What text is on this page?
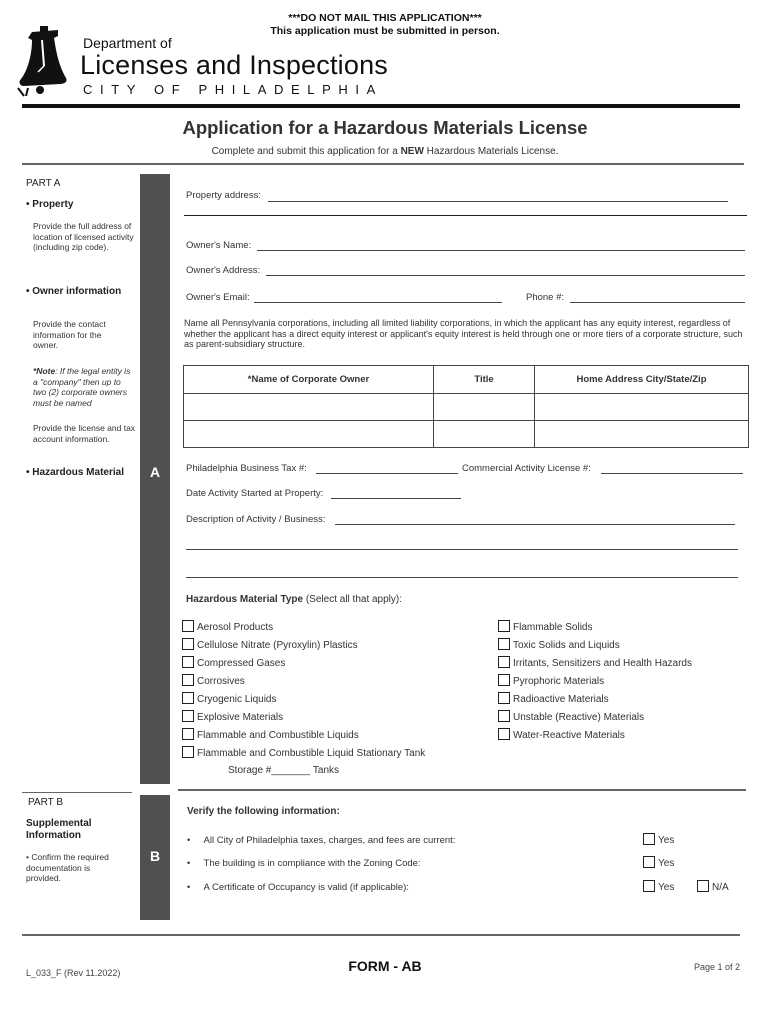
***DO NOT MAIL THIS APPLICATION***
This application must be submitted in person.
Department of
Licenses and Inspections
CITY OF PHILADELPHIA
Application for a Hazardous Materials License
Complete and submit this application for a NEW Hazardous Materials License.
PART A
• Property
Provide the full address of location of licensed activity (including zip code).
• Owner information
Provide the contact information for the owner.
*Note: If the legal entity is a "company" then up to two (2) corporate owners must be named
Provide the license and tax account information.
• Hazardous Material A
Property address:
Owner's Name:
Owner's Address:
Owner's Email:	Phone #:
Name all Pennsylvania corporations, including all limited liability corporations, in which the applicant has any equity interest, regardless of whether the applicant has a direct equity interest or applicant's equity interest is held through one or more tiers of a corporate structure, such as parent-subsidiary structure.
*Name of Corporate Owner	Title	Home Address City/State/Zip

Philadelphia Business Tax #:	Commercial Activity License #:
Date Activity Started at Property:
Description of Activity / Business:
Hazardous Material Type (Select all that apply):
Aerosol Products
Cellulose Nitrate (Pyroxylin) Plastics
Compressed Gases
Corrosives
Cryogenic Liquids
Explosive Materials
Flammable and Combustible Liquids
Flammable and Combustible Liquid Stationary Tank
Storage #_______ Tanks
Flammable Solids
Toxic Solids and Liquids
Irritants, Sensitizers and Health Hazards
Pyrophoric Materials
Radioactive Materials
Unstable (Reactive) Materials
Water-Reactive Materials
PART B
Supplemental Information
• Confirm the required documentation is provided.
B
Verify the following information:
•     All City of Philadelphia taxes, charges, and fees are current:	Yes
•     The building is in compliance with the Zoning Code:	Yes
•     A Certificate of Occupancy is valid (if applicable):	Yes	N/A
L_033_F (Rev 11.2022)	FORM - AB	Page 1 of 2
